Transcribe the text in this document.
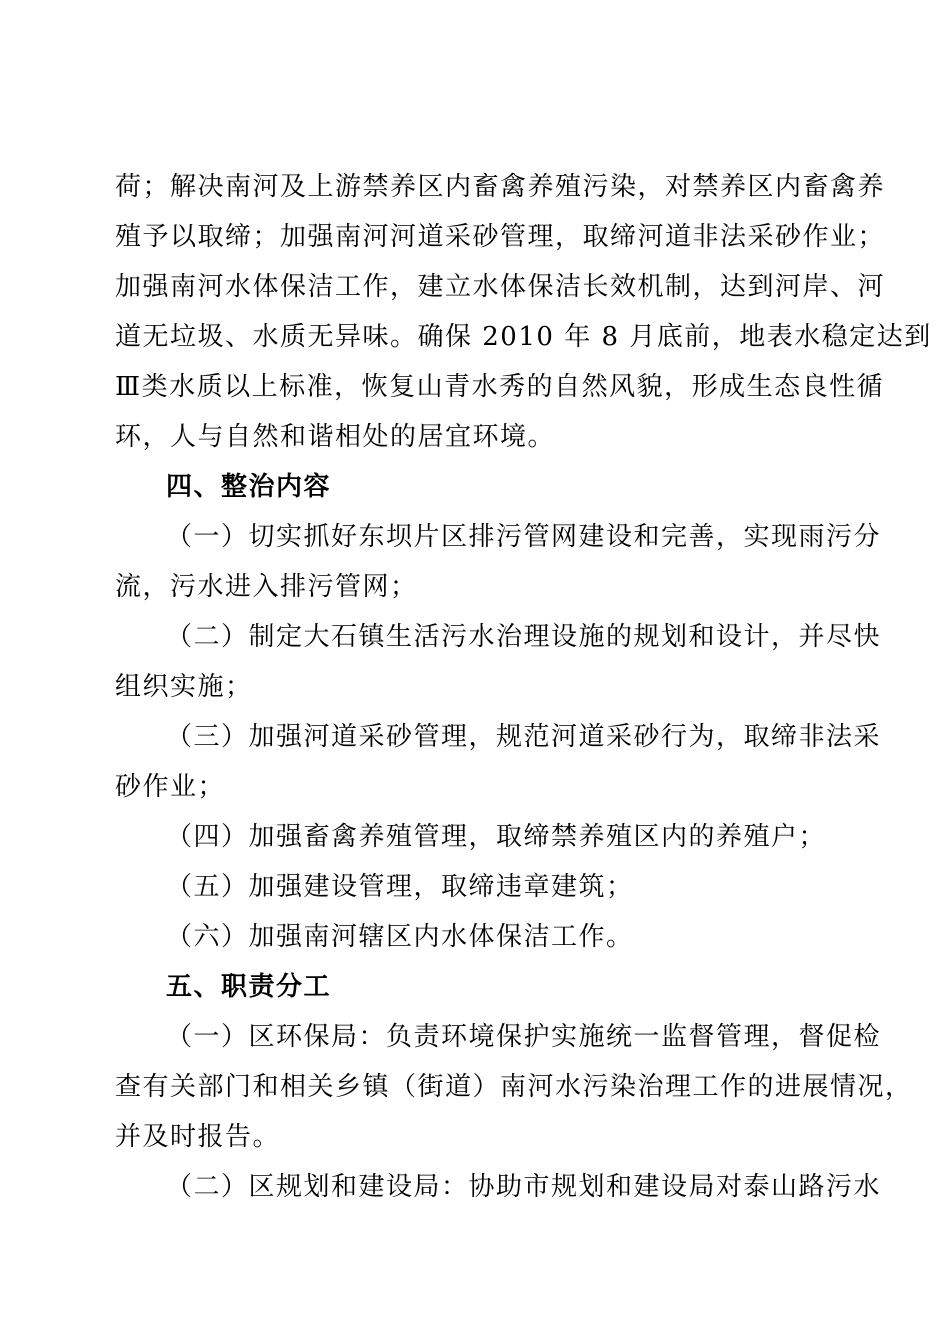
荷；解决南河及上游禁养区内畜禽养殖污染，对禁养区内畜禽养
殖予以取缔；加强南河河道采砂管理，取缔河道非法采砂作业；
加强南河水体保洁工作，建立水体保洁长效机制，达到河岸、河
道无垃圾、水质无异味。确保 2010 年 8 月底前，地表水稳定达到
Ⅲ类水质以上标准，恢复山青水秀的自然风貌，形成生态良性循
环，人与自然和谐相处的居宜环境。
四、整治内容
（一）切实抓好东坝片区排污管网建设和完善，实现雨污分
流，污水进入排污管网；
（二）制定大石镇生活污水治理设施的规划和设计，并尽快
组织实施；
（三）加强河道采砂管理，规范河道采砂行为，取缔非法采
砂作业；
（四）加强畜禽养殖管理，取缔禁养殖区内的养殖户；
（五）加强建设管理，取缔违章建筑；
（六）加强南河辖区内水体保洁工作。
五、职责分工
（一）区环保局：负责环境保护实施统一监督管理，督促检
查有关部门和相关乡镇（街道）南河水污染治理工作的进展情况，
并及时报告。
（二）区规划和建设局：协助市规划和建设局对泰山路污水
